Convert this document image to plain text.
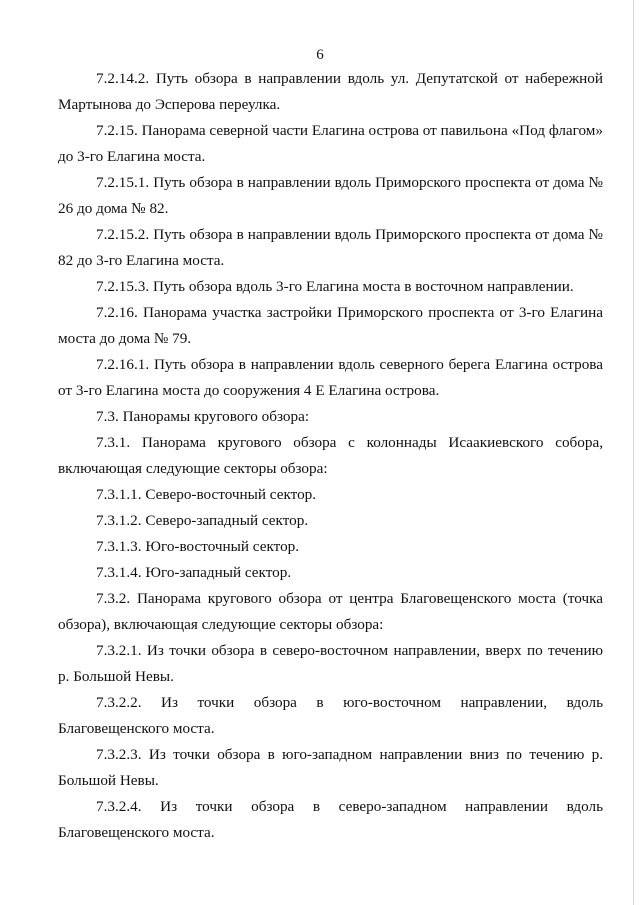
6

7.2.14.2. Путь обзора в направлении вдоль ул. Депутатской от набережной Мартынова до Эсперова переулка.

7.2.15. Панорама северной части Елагина острова от павильона «Под флагом» до 3-го Елагина моста.

7.2.15.1. Путь обзора в направлении вдоль Приморского проспекта от дома № 26 до дома № 82.

7.2.15.2. Путь обзора в направлении вдоль Приморского проспекта от дома № 82 до 3-го Елагина моста.

7.2.15.3. Путь обзора вдоль 3-го Елагина моста в восточном направлении.

7.2.16. Панорама участка застройки Приморского проспекта от 3-го Елагина моста до дома № 79.

7.2.16.1. Путь обзора в направлении вдоль северного берега Елагина острова от 3-го Елагина моста до сооружения 4 Е Елагина острова.

7.3. Панорамы кругового обзора:

7.3.1. Панорама кругового обзора с колоннады Исаакиевского собора, включающая следующие секторы обзора:

7.3.1.1. Северо-восточный сектор.

7.3.1.2. Северо-западный сектор.

7.3.1.3. Юго-восточный сектор.

7.3.1.4. Юго-западный сектор.

7.3.2. Панорама кругового обзора от центра Благовещенского моста (точка обзора), включающая следующие секторы обзора:

7.3.2.1. Из точки обзора в северо-восточном направлении, вверх по течению р. Большой Невы.

7.3.2.2. Из точки обзора в юго-восточном направлении, вдоль Благовещенского моста.

7.3.2.3. Из точки обзора в юго-западном направлении вниз по течению р. Большой Невы.

7.3.2.4. Из точки обзора в северо-западном направлении вдоль Благовещенского моста.
